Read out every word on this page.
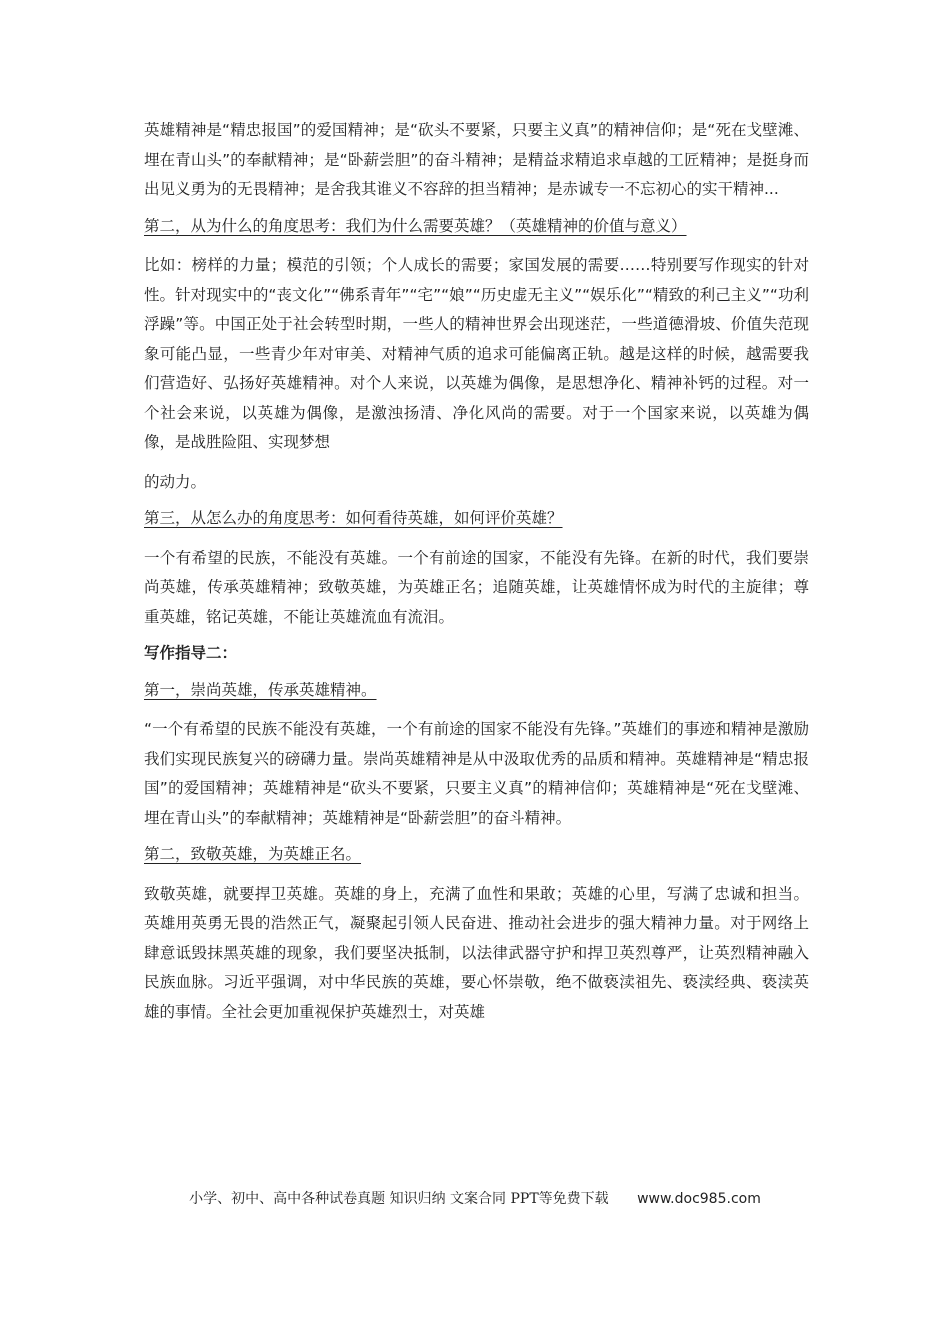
英雄精神是“精忠报国”的爱国精神；是“砍头不要紧，只要主义真”的精神信仰；是“死在戈壁滩、埋在青山头”的奉献精神；是“卧薪尝胆”的奋斗精神；是精益求精追求卓越的工匠精神；是挺身而出见义勇为的无畏精神；是舍我其谁义不容辞的担当精神；是赤诚专一不忘初心的实干精神...

第二，从为什么的角度思考：我们为什么需要英雄？（英雄精神的价值与意义）

比如：榜样的力量；模范的引领；个人成长的需要；家国发展的需要……特别要写作现实的针对性。针对现实中的“丧文化”“佛系青年”“宅”“娘”“历史虚无主义”“娱乐化”“精致的利己主义”“功利浮躁”等。中国正处于社会转型时期，一些人的精神世界会出现迷茫，一些道德滑坡、价值失范现象可能凸显，一些青少年对审美、对精神气质的追求可能偏离正轨。越是这样的时候，越需要我们营造好、弘扬好英雄精神。对个人来说，以英雄为偶像，是思想净化、精神补钙的过程。对一个社会来说，以英雄为偶像，是激浊扬清、净化风尚的需要。对于一个国家来说，以英雄为偶像，是战胜险阻、实现梦想

的动力。

第三，从怎么办的角度思考：如何看待英雄，如何评价英雄？

一个有希望的民族，不能没有英雄。一个有前途的国家，不能没有先锋。在新的时代，我们要崇尚英雄，传承英雄精神；致敬英雄，为英雄正名；追随英雄，让英雄情怀成为时代的主旋律；尊重英雄，铭记英雄，不能让英雄流血有流泪。

写作指导二：

第一，崇尚英雄，传承英雄精神。

“一个有希望的民族不能没有英雄，一个有前途的国家不能没有先锋。”英雄们的事迹和精神是激励我们实现民族复兴的磅礴力量。崇尚英雄精神是从中汲取优秀的品质和精神。英雄精神是“精忠报国”的爱国精神；英雄精神是“砍头不要紧，只要主义真”的精神信仰；英雄精神是“死在戈壁滩、埋在青山头”的奉献精神；英雄精神是“卧薪尝胆”的奋斗精神。

第二，致敬英雄，为英雄正名。

致敬英雄，就要捍卫英雄。英雄的身上，充满了血性和果敢；英雄的心里，写满了忠诚和担当。英雄用英勇无畏的浩然正气，凝聚起引领人民奋进、推动社会进步的强大精神力量。对于网络上肆意诋毁抹黑英雄的现象，我们要坚决抵制，以法律武器守护和捍卫英烈尊严，让英烈精神融入民族血脉。习近平强调，对中华民族的英雄，要心怀崇敬，绝不做亵渎祖先、亵渎经典、亵渎英雄的事情。全社会更加重视保护英雄烈士，对英雄

小学、初中、高中各种试卷真题 知识归纳 文案合同 PPT等免费下载 www.doc985.com
